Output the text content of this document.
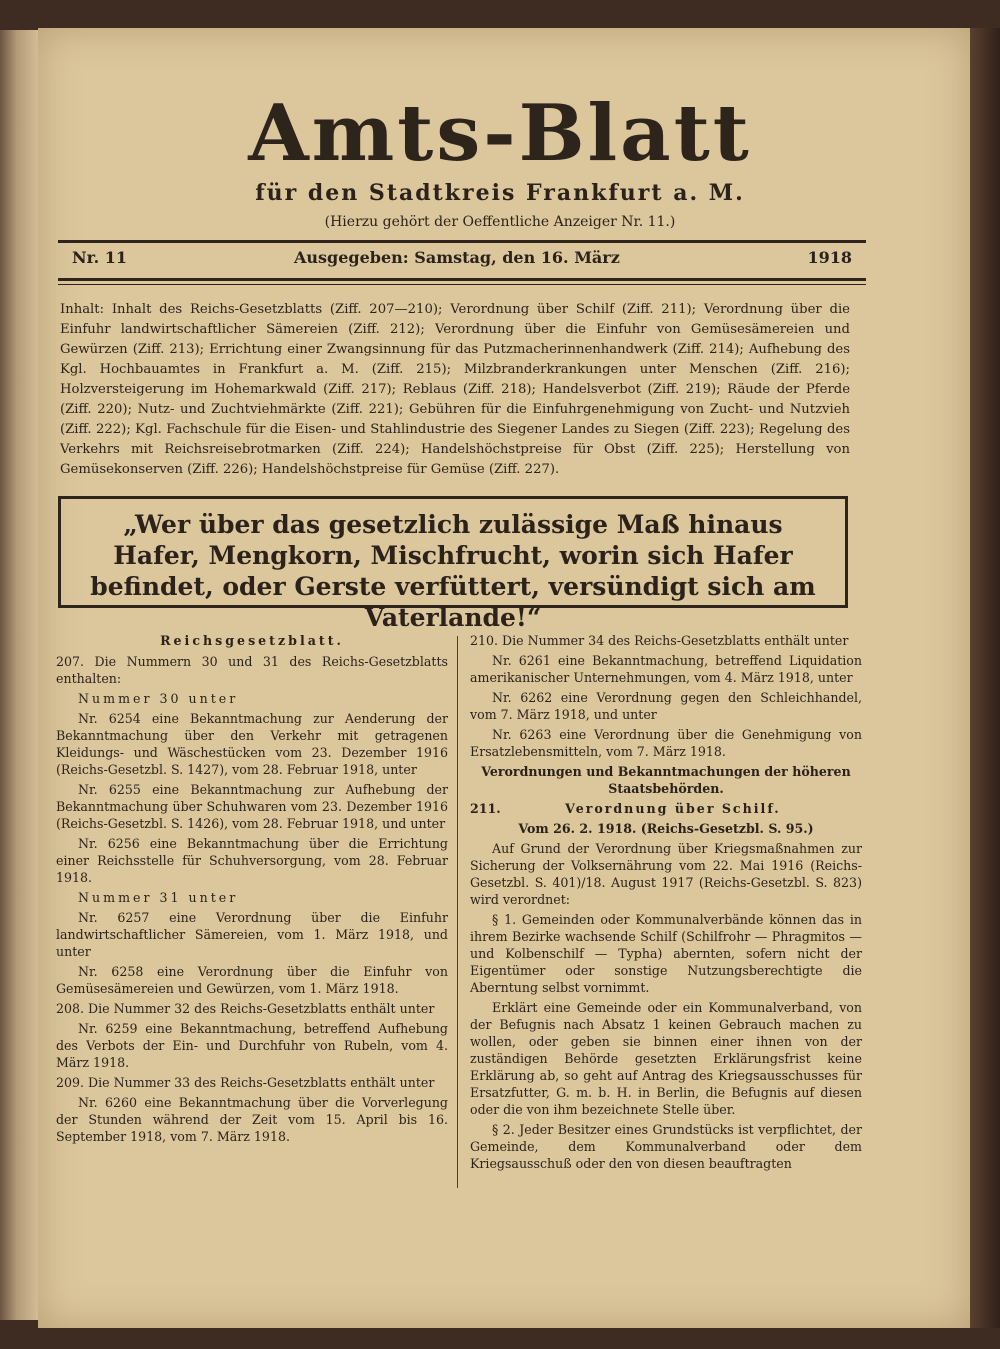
Amts-Blatt
für den Stadtkreis Frankfurt a. M.
(Hierzu gehört der Oeffentliche Anzeiger Nr. 11.)
Nr. 11	Ausgegeben: Samstag, den 16. März	1918
Inhalt: Inhalt des Reichs-Gesetzblatts (Ziff. 207—210); Verordnung über Schilf (Ziff. 211); Verordnung über die Einfuhr landwirtschaftlicher Sämereien (Ziff. 212); Verordnung über die Einfuhr von Gemüsesämereien und Gewürzen (Ziff. 213); Errichtung einer Zwangsinnung für das Putzmacherinnenhandwerk (Ziff. 214); Aufhebung des Kgl. Hochbauamtes in Frankfurt a. M. (Ziff. 215); Milzbranderkrankungen unter Menschen (Ziff. 216); Holzversteigerung im Hohemarkwald (Ziff. 217); Reblaus (Ziff. 218); Handelsverbot (Ziff. 219); Räude der Pferde (Ziff. 220); Nutz- und Zuchtviehmärkte (Ziff. 221); Gebühren für die Einfuhrgenehmigung von Zucht- und Nutzvieh (Ziff. 222); Kgl. Fachschule für die Eisen- und Stahlindustrie des Siegener Landes zu Siegen (Ziff. 223); Regelung des Verkehrs mit Reichsreisebrotmarken (Ziff. 224); Handelshöchstpreise für Obst (Ziff. 225); Herstellung von Gemüsekonserven (Ziff. 226); Handelshöchstpreise für Gemüse (Ziff. 227).
„Wer über das gesetzlich zulässige Maß hinaus Hafer, Mengkorn, Mischfrucht, worin sich Hafer befindet, oder Gerste verfüttert, versündigt sich am Vaterlande!“

Reichsgesetzblatt.

207. Die Nummern 30 und 31 des Reichs-Gesetzblatts enthalten:

Nummer 30 unter

Nr. 6254 eine Bekanntmachung zur Aenderung der Bekanntmachung über den Verkehr mit getragenen Kleidungs- und Wäschestücken vom 23. Dezember 1916 (Reichs-Gesetzbl. S. 1427), vom 28. Februar 1918, unter

Nr. 6255 eine Bekanntmachung zur Aufhebung der Bekanntmachung über Schuhwaren vom 23. Dezember 1916 (Reichs-Gesetzbl. S. 1426), vom 28. Februar 1918, und unter

Nr. 6256 eine Bekanntmachung über die Errichtung einer Reichsstelle für Schuhversorgung, vom 28. Februar 1918.

Nummer 31 unter

Nr. 6257 eine Verordnung über die Einfuhr landwirtschaftlicher Sämereien, vom 1. März 1918, und unter

Nr. 6258 eine Verordnung über die Einfuhr von Gemüsesämereien und Gewürzen, vom 1. März 1918.

208. Die Nummer 32 des Reichs-Gesetzblatts enthält unter

Nr. 6259 eine Bekanntmachung, betreffend Aufhebung des Verbots der Ein- und Durchfuhr von Rubeln, vom 4. März 1918.

209. Die Nummer 33 des Reichs-Gesetzblatts enthält unter

Nr. 6260 eine Bekanntmachung über die Vorverlegung der Stunden während der Zeit vom 15. April bis 16. September 1918, vom 7. März 1918.

210. Die Nummer 34 des Reichs-Gesetzblatts enthält unter

Nr. 6261 eine Bekanntmachung, betreffend Liquidation amerikanischer Unternehmungen, vom 4. März 1918, unter

Nr. 6262 eine Verordnung gegen den Schleichhandel, vom 7. März 1918, und unter

Nr. 6263 eine Verordnung über die Genehmigung von Ersatzlebensmitteln, vom 7. März 1918.

Verordnungen und Bekanntmachungen der höheren Staatsbehörden.

211.	Verordnung über Schilf.

Vom 26. 2. 1918. (Reichs-Gesetzbl. S. 95.)

Auf Grund der Verordnung über Kriegsmaßnahmen zur Sicherung der Volksernährung vom 22. Mai 1916 (Reichs-Gesetzbl. S. 401)/18. August 1917 (Reichs-Gesetzbl. S. 823) wird verordnet:

§ 1. Gemeinden oder Kommunalverbände können das in ihrem Bezirke wachsende Schilf (Schilfrohr — Phragmitos — und Kolbenschilf — Typha) abernten, sofern nicht der Eigentümer oder sonstige Nutzungsberechtigte die Aberntung selbst vornimmt.

Erklärt eine Gemeinde oder ein Kommunalverband, von der Befugnis nach Absatz 1 keinen Gebrauch machen zu wollen, oder geben sie binnen einer ihnen von der zuständigen Behörde gesetzten Erklärungsfrist keine Erklärung ab, so geht auf Antrag des Kriegsausschusses für Ersatzfutter, G. m. b. H. in Berlin, die Befugnis auf diesen oder die von ihm bezeichnete Stelle über.

§ 2. Jeder Besitzer eines Grundstücks ist verpflichtet, der Gemeinde, dem Kommunalverband oder dem Kriegsausschuß oder den von diesen beauftragten
